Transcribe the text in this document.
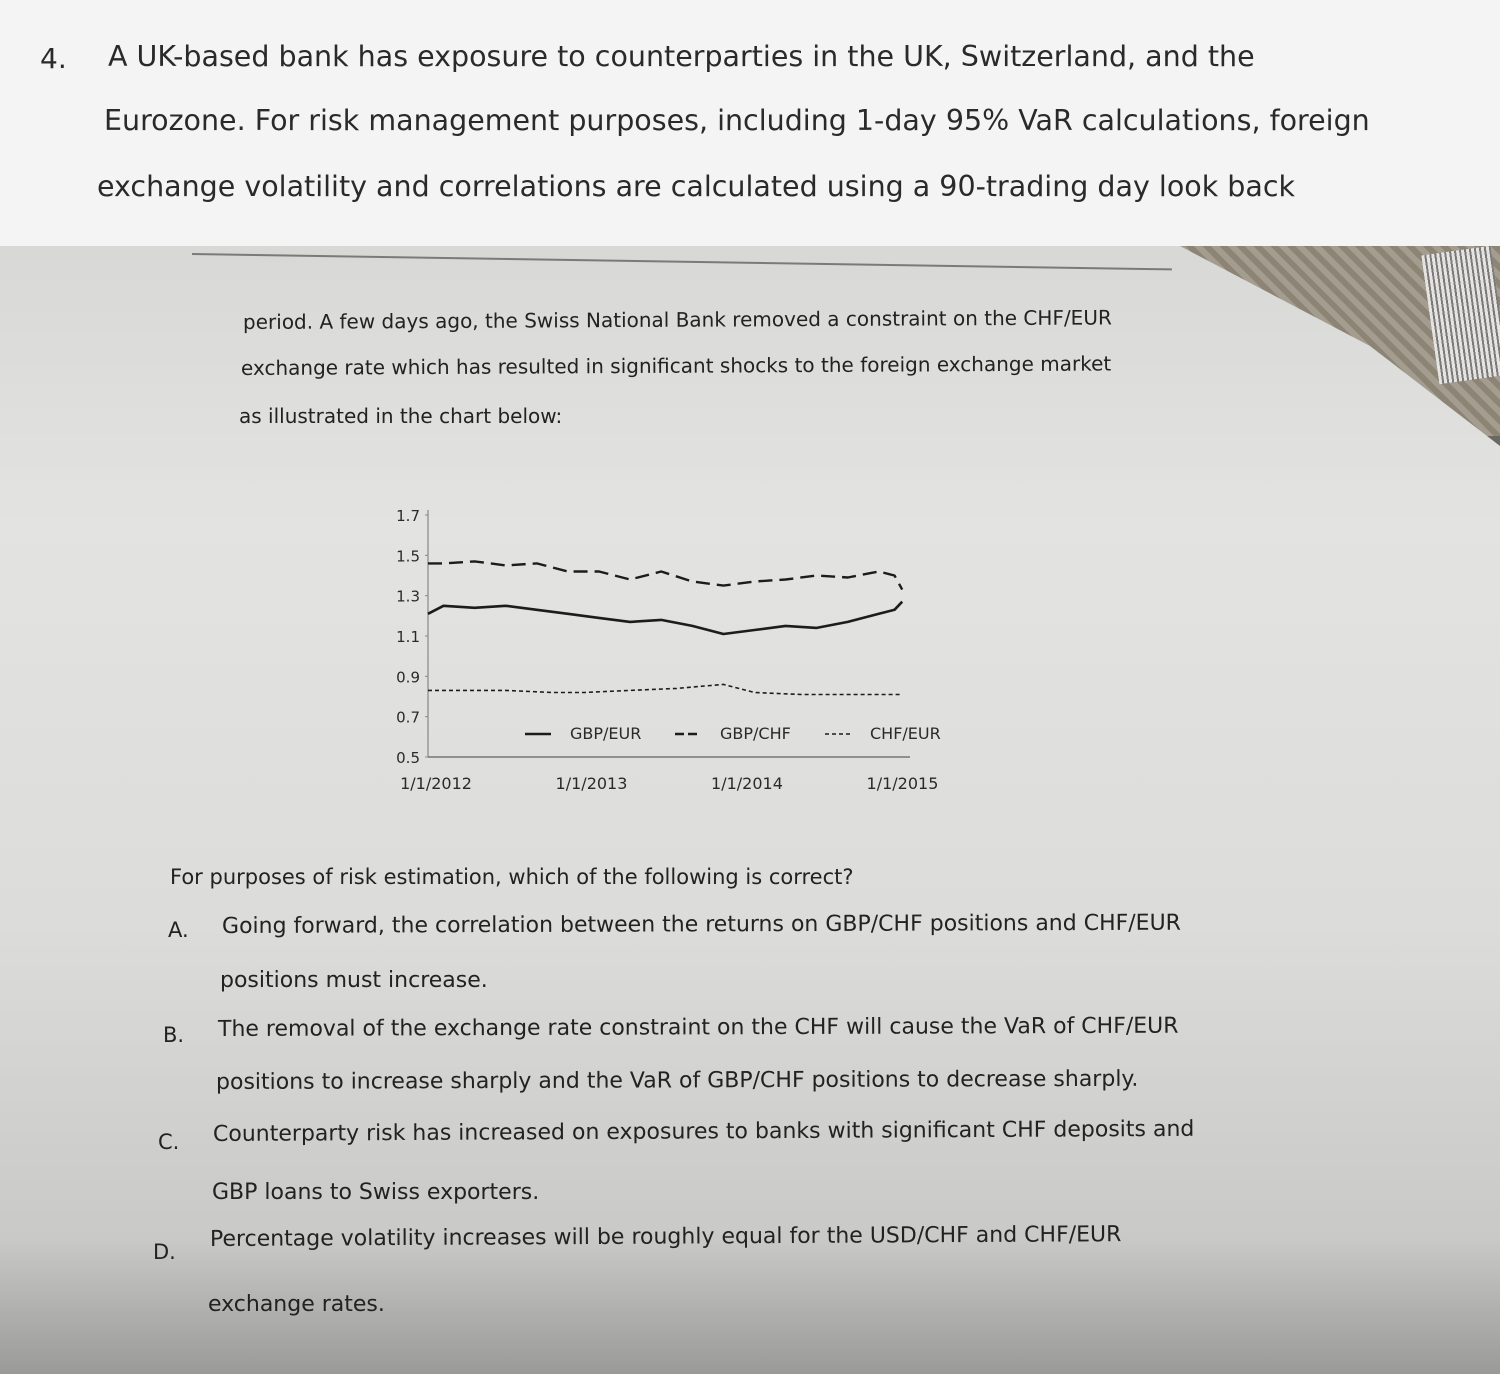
4. A UK-based bank has exposure to counterparties in the UK, Switzerland, and the
Eurozone. For risk management purposes, including 1-day 95% VaR calculations, foreign
exchange volatility and correlations are calculated using a 90-trading day look back
period. A few days ago, the Swiss National Bank removed a constraint on the CHF/EUR
exchange rate which has resulted in significant shocks to the foreign exchange market
as illustrated in the chart below:
1.7
1.5
1.3
1.1
0.9
0.7
0.5
1/1/2012	1/1/2013	1/1/2014	1/1/2015
GBP/EUR	GBP/CHF	CHF/EUR
For purposes of risk estimation, which of the following is correct?
A. Going forward, the correlation between the returns on GBP/CHF positions and CHF/EUR
positions must increase.
B. The removal of the exchange rate constraint on the CHF will cause the VaR of CHF/EUR
positions to increase sharply and the VaR of GBP/CHF positions to decrease sharply.
C. Counterparty risk has increased on exposures to banks with significant CHF deposits and
GBP loans to Swiss exporters.
D.
Percentage volatility increases will be roughly equal for the USD/CHF and CHF/EUR
exchange rates.
